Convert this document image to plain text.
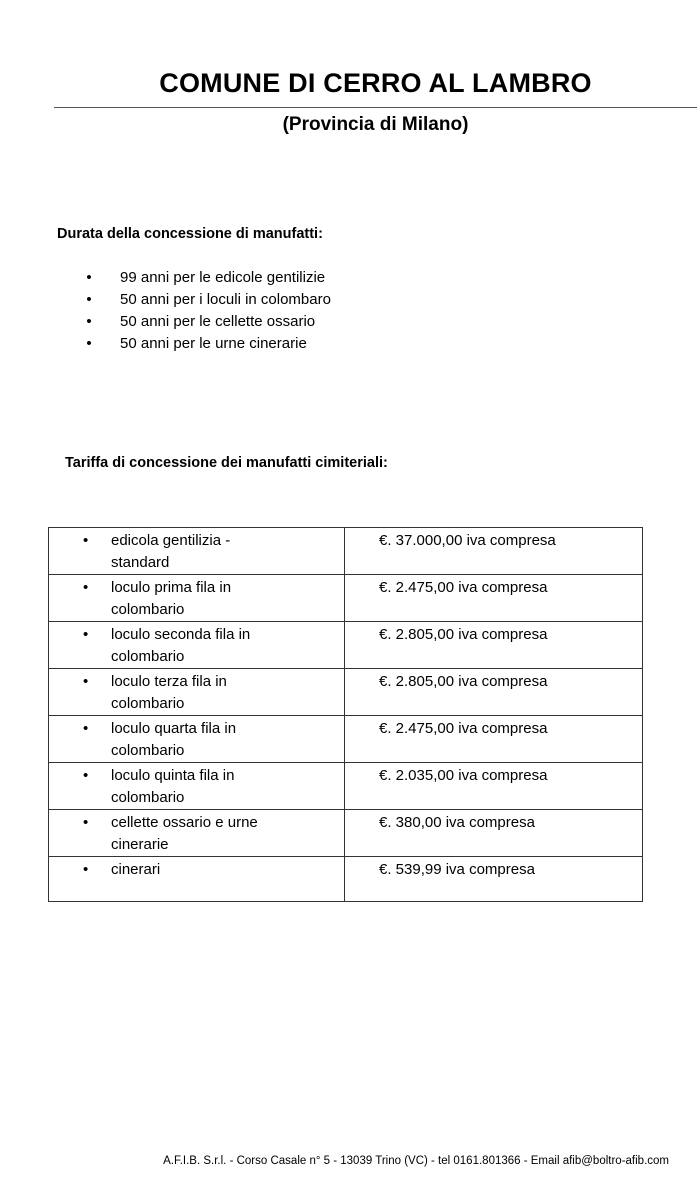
COMUNE DI CERRO AL LAMBRO
(Provincia di Milano)
Durata della concessione di manufatti:
• 99 anni per le edicole gentilizie
• 50 anni per i loculi in colombaro
• 50 anni per le cellette ossario
• 50 anni per le urne cinerarie
Tariffa di concessione dei manufatti cimiteriali:
• edicola gentilizia - standard	€. 37.000,00 iva compresa

• loculo prima fila in colombario	€. 2.475,00 iva compresa

• loculo seconda fila in colombario	€. 2.805,00 iva compresa

• loculo terza fila in colombario	€. 2.805,00 iva compresa

• loculo quarta fila in colombario	€. 2.475,00 iva compresa

• loculo quinta fila in colombario	€. 2.035,00 iva compresa

• cellette ossario e urne cinerarie	€. 380,00 iva compresa

• cinerari	€. 539,99 iva compresa
A.F.I.B. S.r.l. - Corso Casale n° 5 - 13039 Trino (VC) - tel 0161.801366 - Email afib@boltro-afib.com
